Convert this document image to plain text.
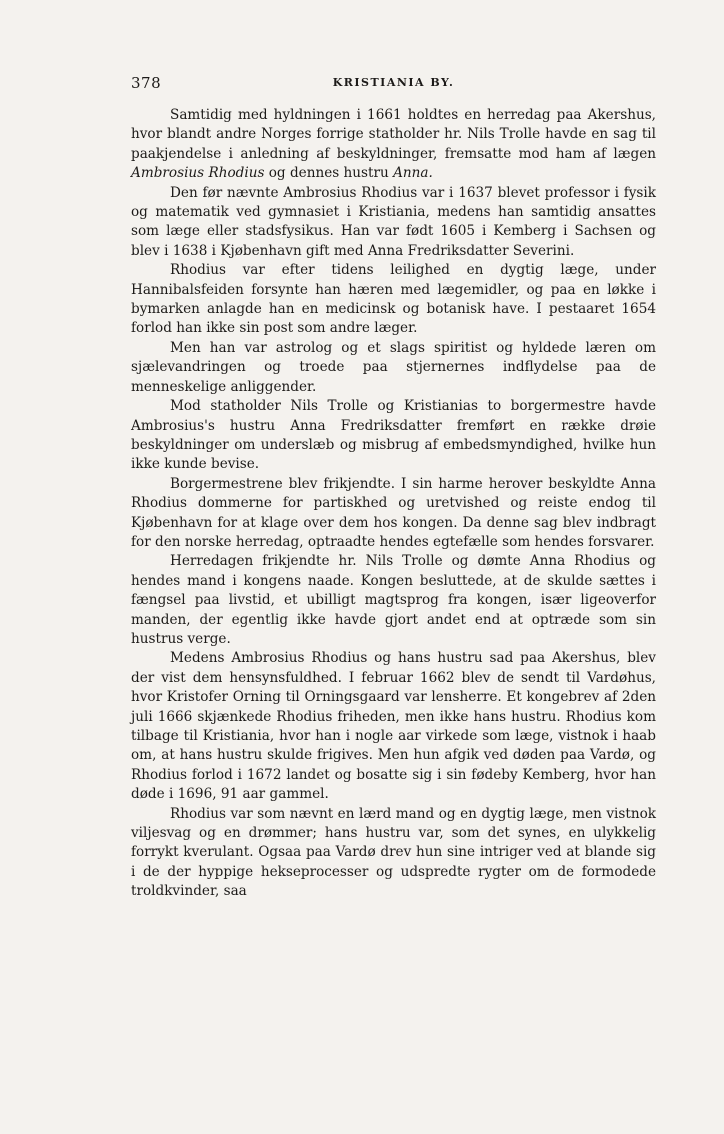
378	KRISTIANIA BY.

Samtidig med hyldningen i 1661 holdtes en herredag paa Akershus, hvor blandt andre Norges forrige statholder hr. Nils Trolle havde en sag til paakjendelse i anledning af beskyldninger, fremsatte mod ham af lægen Ambrosius Rhodius og dennes hustru Anna.

Den før nævnte Ambrosius Rhodius var i 1637 blevet professor i fysik og matematik ved gymnasiet i Kristiania, medens han samtidig ansattes som læge eller stadsfysikus. Han var født 1605 i Kemberg i Sachsen og blev i 1638 i Kjøbenhavn gift med Anna Fredriksdatter Severini.

Rhodius var efter tidens leilighed en dygtig læge, under Hannibalsfeiden forsynte han hæren med lægemidler, og paa en løkke i bymarken anlagde han en medicinsk og botanisk have. I pestaaret 1654 forlod han ikke sin post som andre læger.

Men han var astrolog og et slags spiritist og hyldede læren om sjælevandringen og troede paa stjernernes indflydelse paa de menneskelige anliggender.

Mod statholder Nils Trolle og Kristianias to borgermestre havde Ambrosius's hustru Anna Fredriksdatter fremført en række drøie beskyldninger om underslæb og misbrug af embedsmyndighed, hvilke hun ikke kunde bevise.

Borgermestrene blev frikjendte. I sin harme herover beskyldte Anna Rhodius dommerne for partiskhed og uretvished og reiste endog til Kjøbenhavn for at klage over dem hos kongen. Da denne sag blev indbragt for den norske herredag, optraadte hendes egtefælle som hendes forsvarer.

Herredagen frikjendte hr. Nils Trolle og dømte Anna Rhodius og hendes mand i kongens naade. Kongen besluttede, at de skulde sættes i fængsel paa livstid, et ubilligt magtsprog fra kongen, især ligeoverfor manden, der egentlig ikke havde gjort andet end at optræde som sin hustrus verge.

Medens Ambrosius Rhodius og hans hustru sad paa Akershus, blev der vist dem hensynsfuldhed. I februar 1662 blev de sendt til Vardøhus, hvor Kristofer Orning til Orningsgaard var lensherre. Et kongebrev af 2den juli 1666 skjænkede Rhodius friheden, men ikke hans hustru. Rhodius kom tilbage til Kristiania, hvor han i nogle aar virkede som læge, vistnok i haab om, at hans hustru skulde frigives. Men hun afgik ved døden paa Vardø, og Rhodius forlod i 1672 landet og bosatte sig i sin fødeby Kemberg, hvor han døde i 1696, 91 aar gammel.

Rhodius var som nævnt en lærd mand og en dygtig læge, men vistnok viljesvag og en drømmer; hans hustru var, som det synes, en ulykkelig forrykt kverulant. Ogsaa paa Vardø drev hun sine intriger ved at blande sig i de der hyppige hekseprocesser og udspredte rygter om de formodede troldkvinder, saa
